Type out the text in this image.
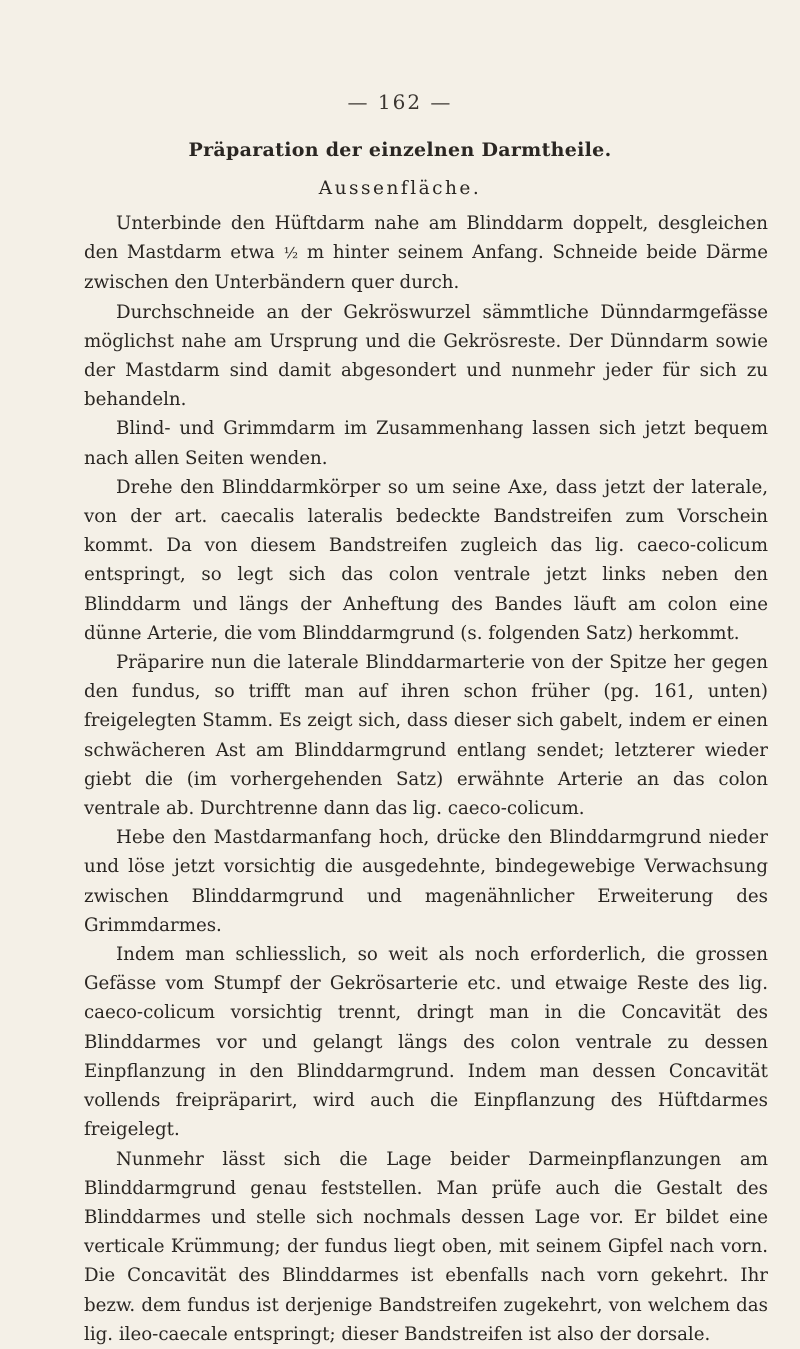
— 162 —
Präparation der einzelnen Darmtheile.
Aussenfläche.

Unterbinde den Hüftdarm nahe am Blinddarm doppelt, desgleichen den Mastdarm etwa ½ m hinter seinem Anfang. Schneide beide Därme zwischen den Unterbändern quer durch.

Durchschneide an der Gekröswurzel sämmtliche Dünndarmgefässe möglichst nahe am Ursprung und die Gekrösreste. Der Dünndarm sowie der Mastdarm sind damit abgesondert und nunmehr jeder für sich zu behandeln.

Blind- und Grimmdarm im Zusammenhang lassen sich jetzt bequem nach allen Seiten wenden.

Drehe den Blinddarmkörper so um seine Axe, dass jetzt der laterale, von der art. caecalis lateralis bedeckte Bandstreifen zum Vorschein kommt. Da von diesem Bandstreifen zugleich das lig. caeco-colicum entspringt, so legt sich das colon ventrale jetzt links neben den Blinddarm und längs der Anheftung des Bandes läuft am colon eine dünne Arterie, die vom Blinddarmgrund (s. folgenden Satz) herkommt.

Präparire nun die laterale Blinddarmarterie von der Spitze her gegen den fundus, so trifft man auf ihren schon früher (pg. 161, unten) freigelegten Stamm. Es zeigt sich, dass dieser sich gabelt, indem er einen schwächeren Ast am Blinddarmgrund entlang sendet; letzterer wieder giebt die (im vorhergehenden Satz) erwähnte Arterie an das colon ventrale ab. Durchtrenne dann das lig. caeco-colicum.

Hebe den Mastdarmanfang hoch, drücke den Blinddarmgrund nieder und löse jetzt vorsichtig die ausgedehnte, bindegewebige Verwachsung zwischen Blinddarmgrund und magenähnlicher Erweiterung des Grimmdarmes.

Indem man schliesslich, so weit als noch erforderlich, die grossen Gefässe vom Stumpf der Gekrösarterie etc. und etwaige Reste des lig. caeco-colicum vorsichtig trennt, dringt man in die Concavität des Blinddarmes vor und gelangt längs des colon ventrale zu dessen Einpflanzung in den Blinddarmgrund. Indem man dessen Concavität vollends freipräparirt, wird auch die Einpflanzung des Hüftdarmes freigelegt.

Nunmehr lässt sich die Lage beider Darmeinpflanzungen am Blinddarmgrund genau feststellen. Man prüfe auch die Gestalt des Blinddarmes und stelle sich nochmals dessen Lage vor. Er bildet eine verticale Krümmung; der fundus liegt oben, mit seinem Gipfel nach vorn. Die Concavität des Blinddarmes ist ebenfalls nach vorn gekehrt. Ihr bezw. dem fundus ist derjenige Bandstreifen zugekehrt, von welchem das lig. ileo-caecale entspringt; dieser Bandstreifen ist also der dorsale.
